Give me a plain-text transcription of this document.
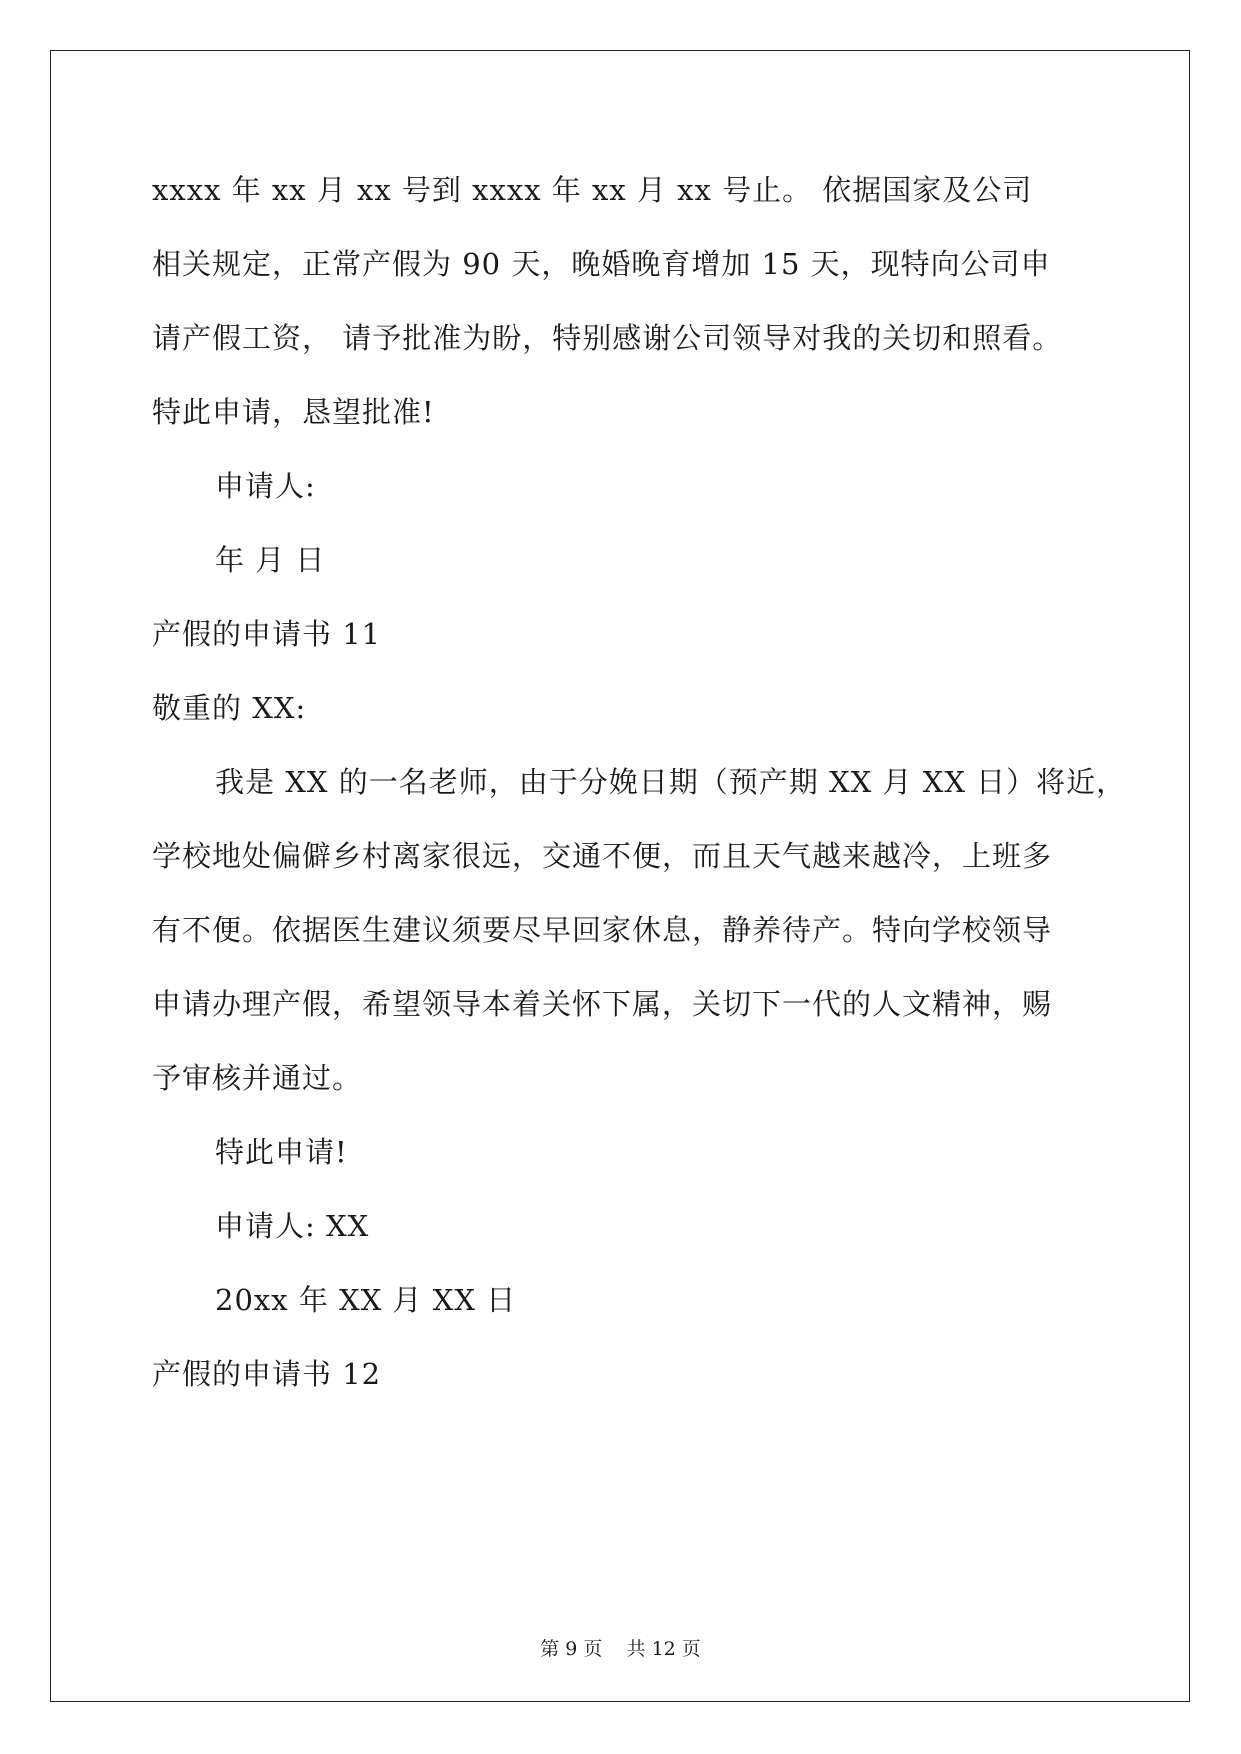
xxxx 年 xx 月 xx 号到 xxxx 年 xx 月 xx 号止。 依据国家及公司
相关规定，正常产假为 90 天，晚婚晚育增加 15 天，现特向公司申
请产假工资， 请予批准为盼，特别感谢公司领导对我的关切和照看。
特此申请，恳望批准!
申请人:
年 月 日
产假的申请书 11
敬重的 XX:
我是 XX 的一名老师，由于分娩日期（预产期 XX 月 XX 日）将近，
学校地处偏僻乡村离家很远，交通不便，而且天气越来越冷，上班多
有不便。依据医生建议须要尽早回家休息，静养待产。特向学校领导
申请办理产假，希望领导本着关怀下属，关切下一代的人文精神，赐
予审核并通过。
特此申请!
申请人: XX
20xx 年 XX 月 XX 日
产假的申请书 12
第 9 页    共 12 页
